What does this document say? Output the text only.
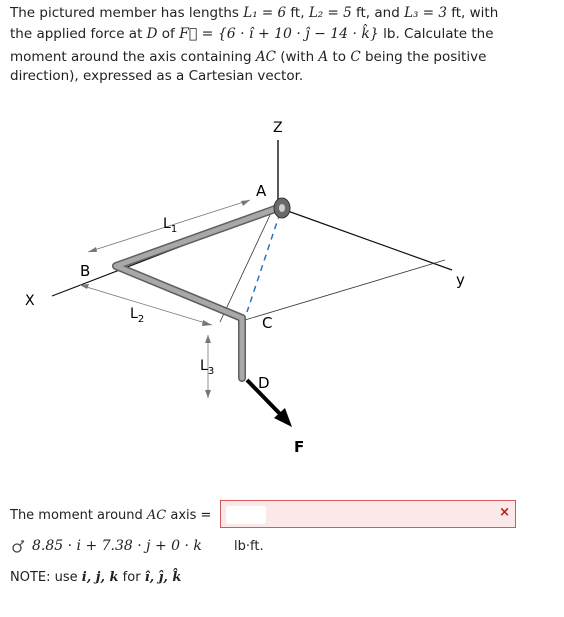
The pictured member has lengths L₁ = 6 ft, L₂ = 5 ft, and L₃ = 3 ft, with
the applied force at D of F⃗ = {6 · î + 10 · ĵ − 14 · k̂} lb. Calculate the
moment around the axis containing AC (with A to C being the positive
direction), expressed as a Cartesian vector.
Z
y
X
A
B
C
D
F
$L_1$
$L_2$
$L_3$
The moment around AC axis =	×
8.85 · i + 7.38 · j + 0 · k lb·ft.
NOTE: use i, j, k for î, ĵ, k̂
